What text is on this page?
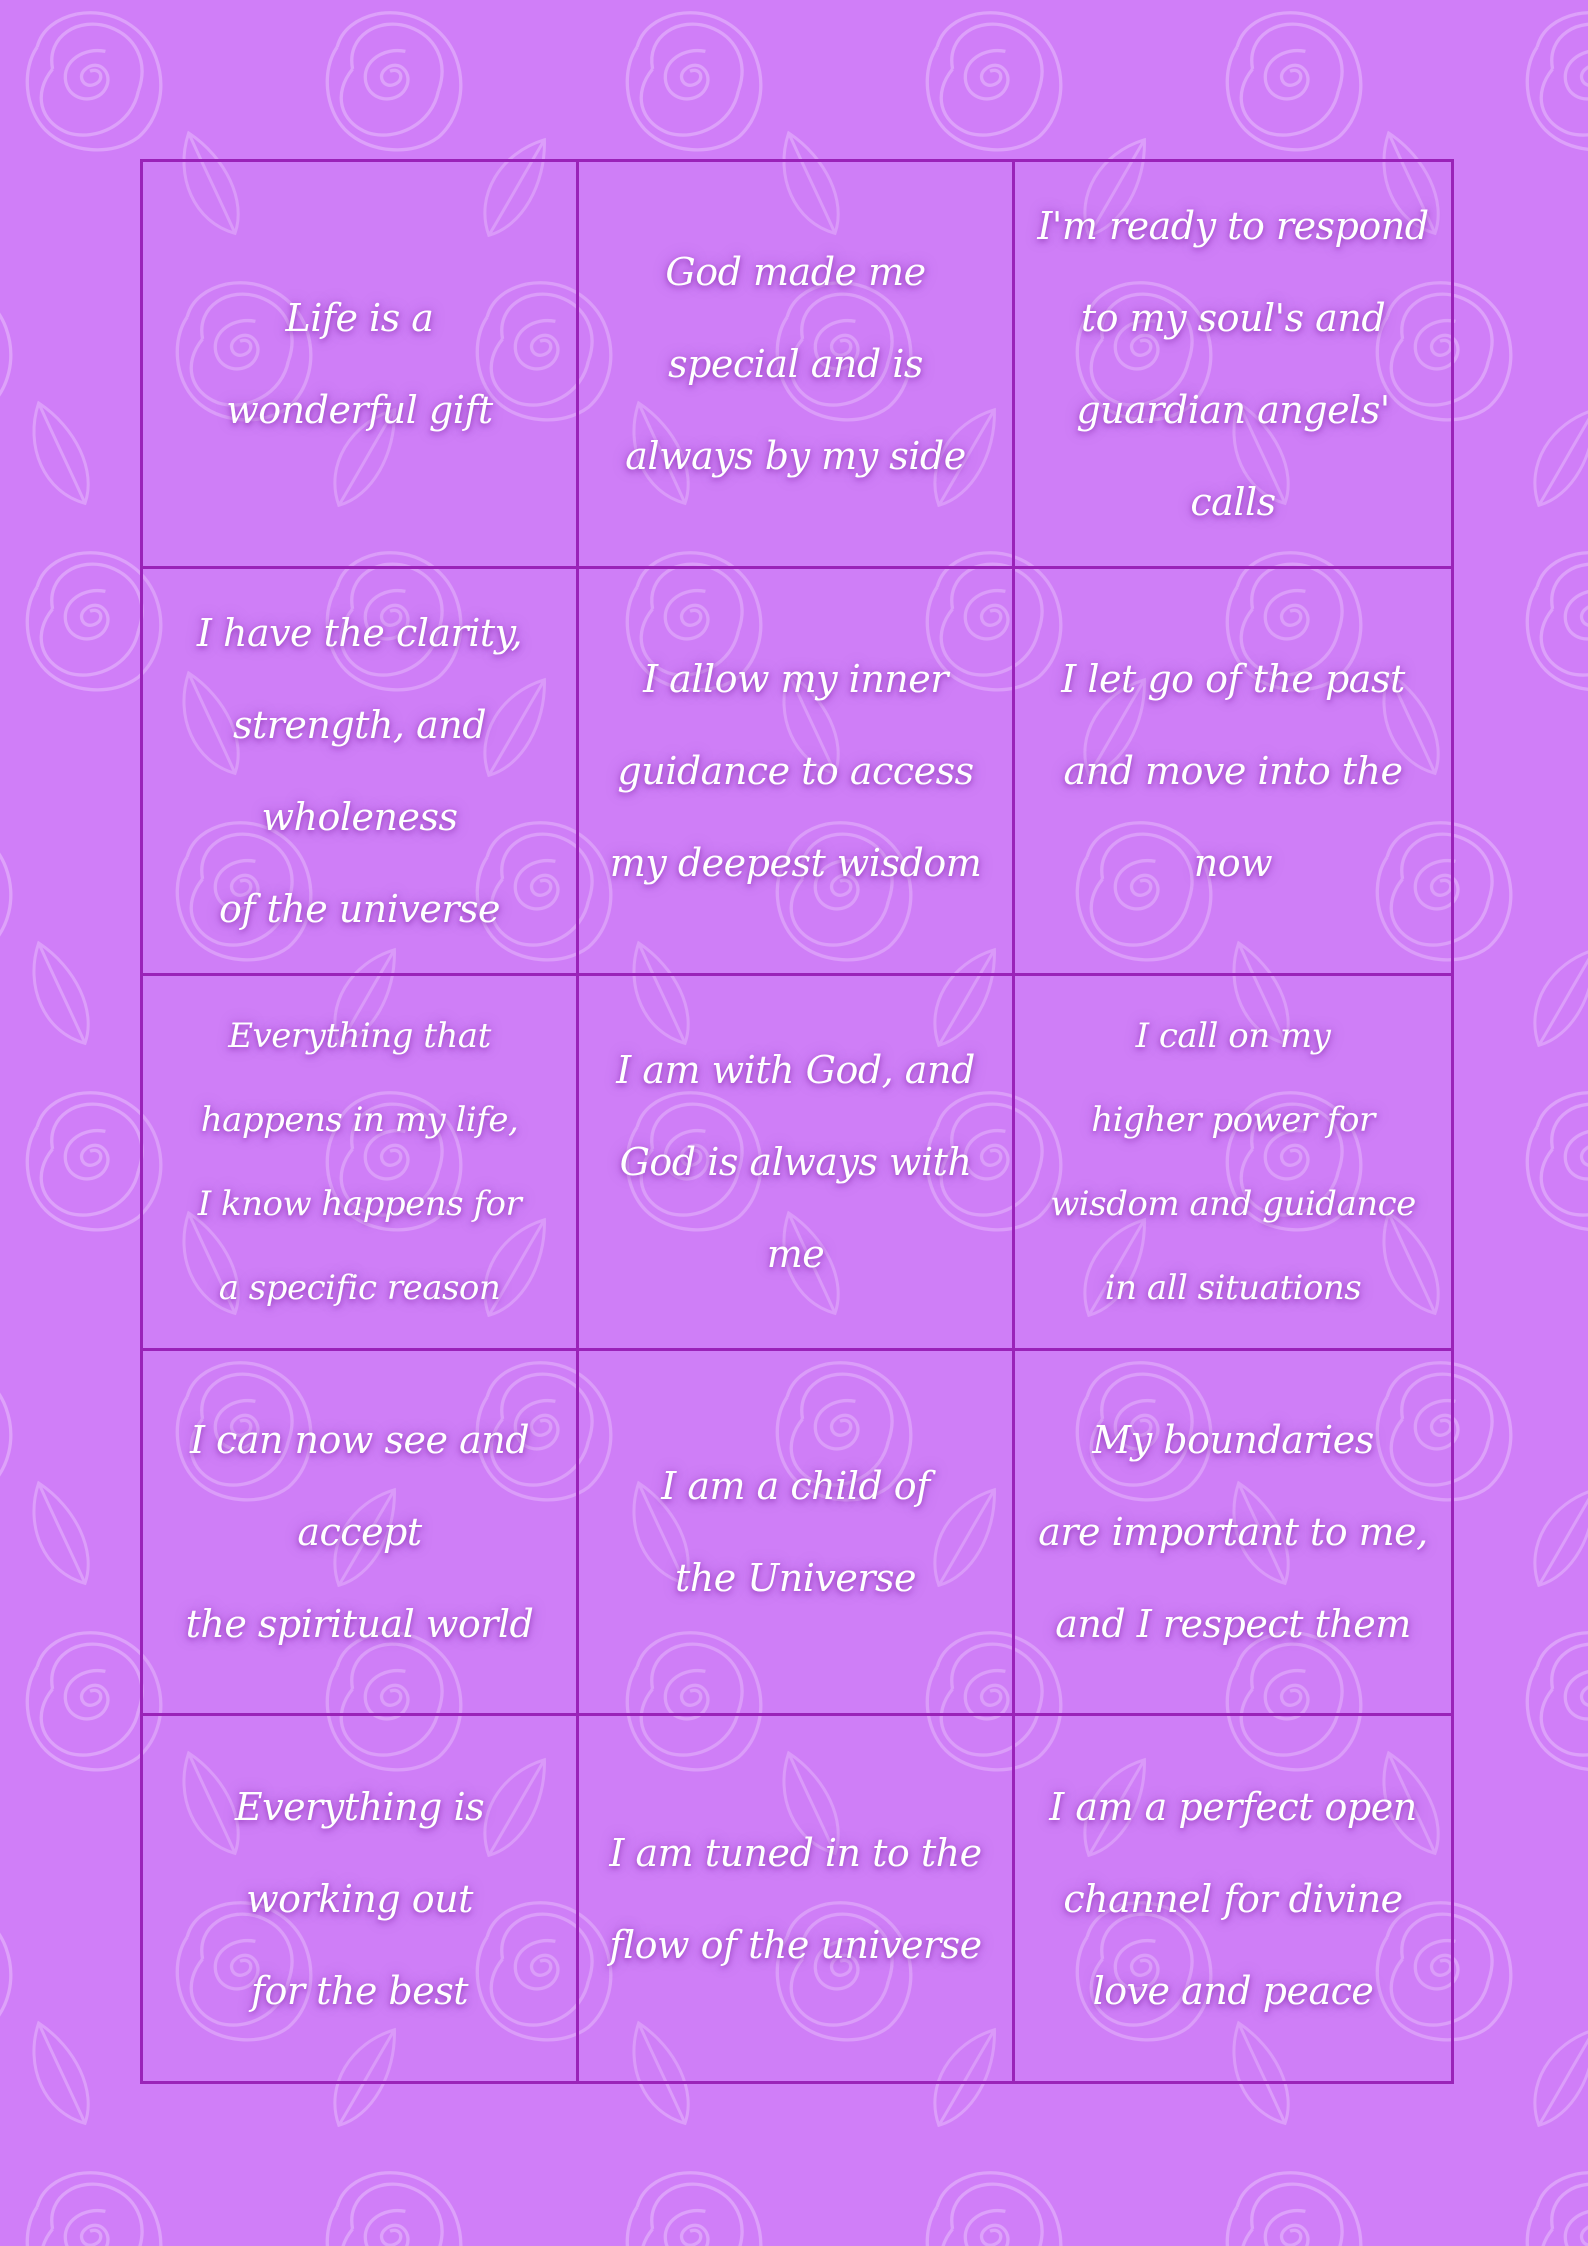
Life is a
wonderful gift

God made me
special and is
always by my side

I'm ready to respond
to my soul's and
guardian angels' calls

I have the clarity,
strength, and wholeness
of the universe

I allow my inner
guidance to access
my deepest wisdom

I let go of the past
and move into the now

Everything that
happens in my life,
I know happens for
a specific reason

I am with God, and
God is always with me

I call on my
higher power for
wisdom and guidance
in all situations

I can now see and accept
the spiritual world

I am a child of
the Universe

My boundaries
are important to me,
and I respect them

Everything is
working out
for the best

I am tuned in to the
flow of the universe

I am a perfect open
channel for divine
love and peace
